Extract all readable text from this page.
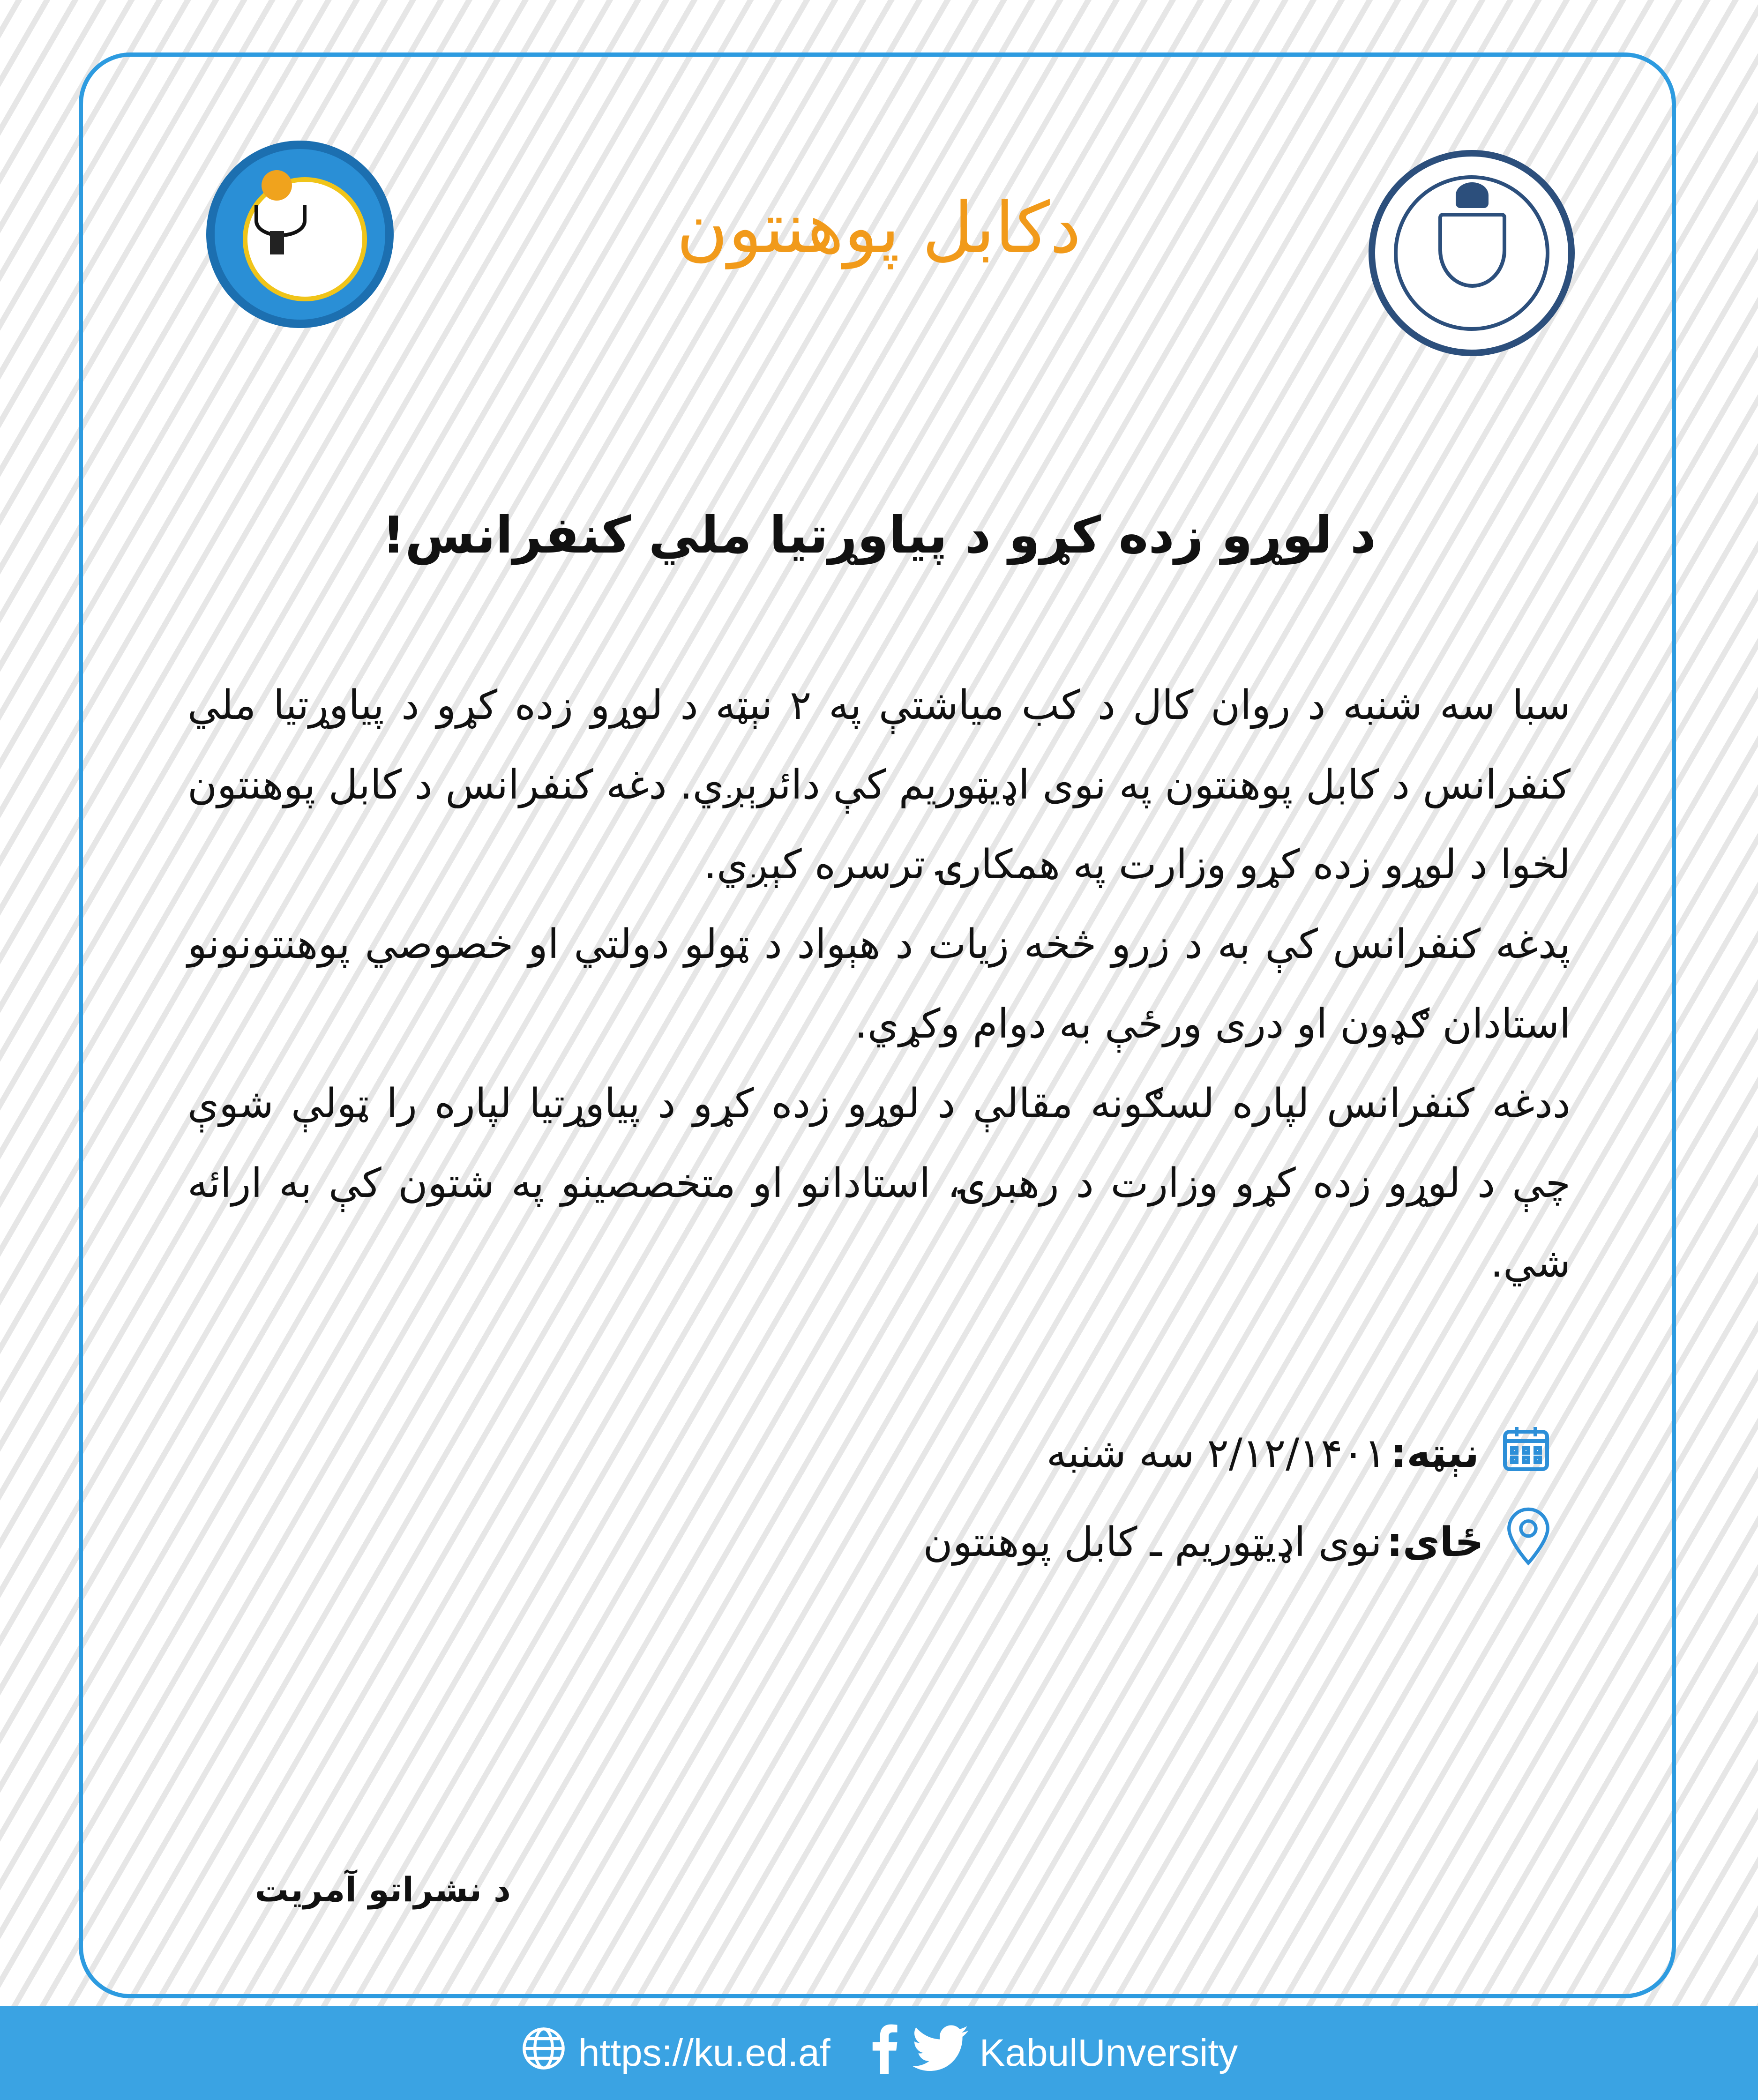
دکابل پوهنتون
د لوړو زده کړو د پیاوړتیا ملي کنفرانس!

سبا سه شنبه د روان کال د کب میاشتې په ۲ نېټه د لوړو زده کړو د پیاوړتیا ملي کنفرانس د کابل پوهنتون په نوی اډیټوریم کې دائرېږي. دغه کنفرانس د کابل پوهنتون لخوا د لوړو زده کړو وزارت په همکارۍ ترسره کېږي.

پدغه کنفرانس کې به د زرو څخه زیات د هېواد د ټولو دولتي او خصوصي پوهنتونونو استادان ګډون او دری ورځې به دوام وکړي.

ددغه کنفرانس لپاره لسګونه مقالې د لوړو زده کړو د پیاوړتیا لپاره را ټولې شوې چې د لوړو زده کړو وزارت د رهبرۍ، استادانو او متخصصینو په شتون کې به ارائه شي.

نېټه:
۲/۱۲/۱۴۰۱ سه شنبه
ځای:
نوی اډیټوریم ـ کابل پوهنتون
د نشراتو آمریت
https://ku.ed.af	KabulUnversity
